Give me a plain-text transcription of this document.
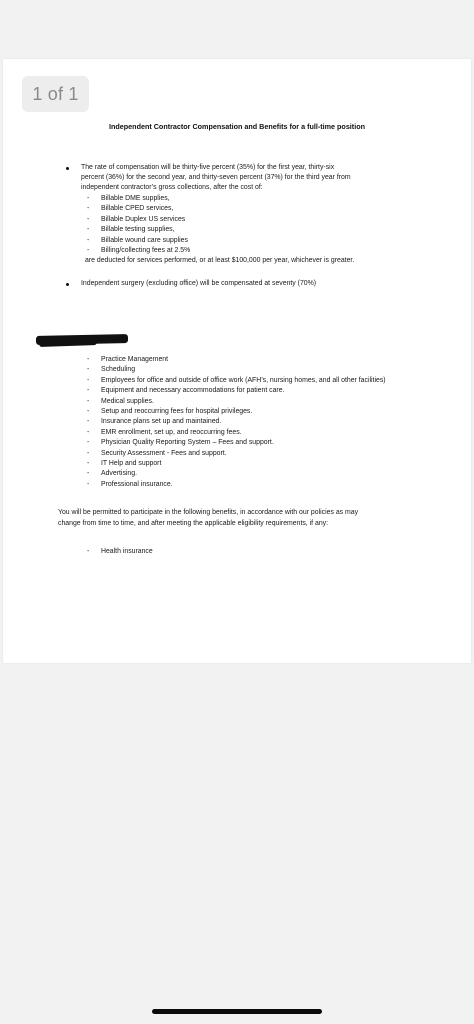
Independent Contractor Compensation and Benefits for a full-time position

The rate of compensation will be thirty-five percent (35%) for the first year, thirty-six

percent (36%) for the second year, and thirty-seven percent (37%) for the third year from

independent contractor’s gross collections, after the cost of:

- Billable DME supplies,
- Billable CPED services,
- Billable Duplex US services
- Billable testing supplies,
- Billable wound care supplies
- Billing/collecting fees at 2.5%

are deducted for services performed, or at least $100,000 per year, whichever is greater.

Independent surgery (excluding office) will be compensated at seventy (70%)

- Practice Management
- Scheduling
- Employees for office and outside of office work (AFH’s, nursing homes, and all other facilities)
- Equipment and necessary accommodations for patient care.
- Medical supplies.
- Setup and reoccurring fees for hospital privileges.
- Insurance plans set up and maintained.
- EMR enrollment, set up, and reoccurring fees.
- Physician Quality Reporting System – Fees and support.
- Security Assessment - Fees and support.
- IT Help and support
- Advertising.
- Professional insurance.

You will be permitted to participate in the following benefits, in accordance with our policies as may

change from time to time, and after meeting the applicable eligibility requirements, if any:

- Health insurance
1 of 1
